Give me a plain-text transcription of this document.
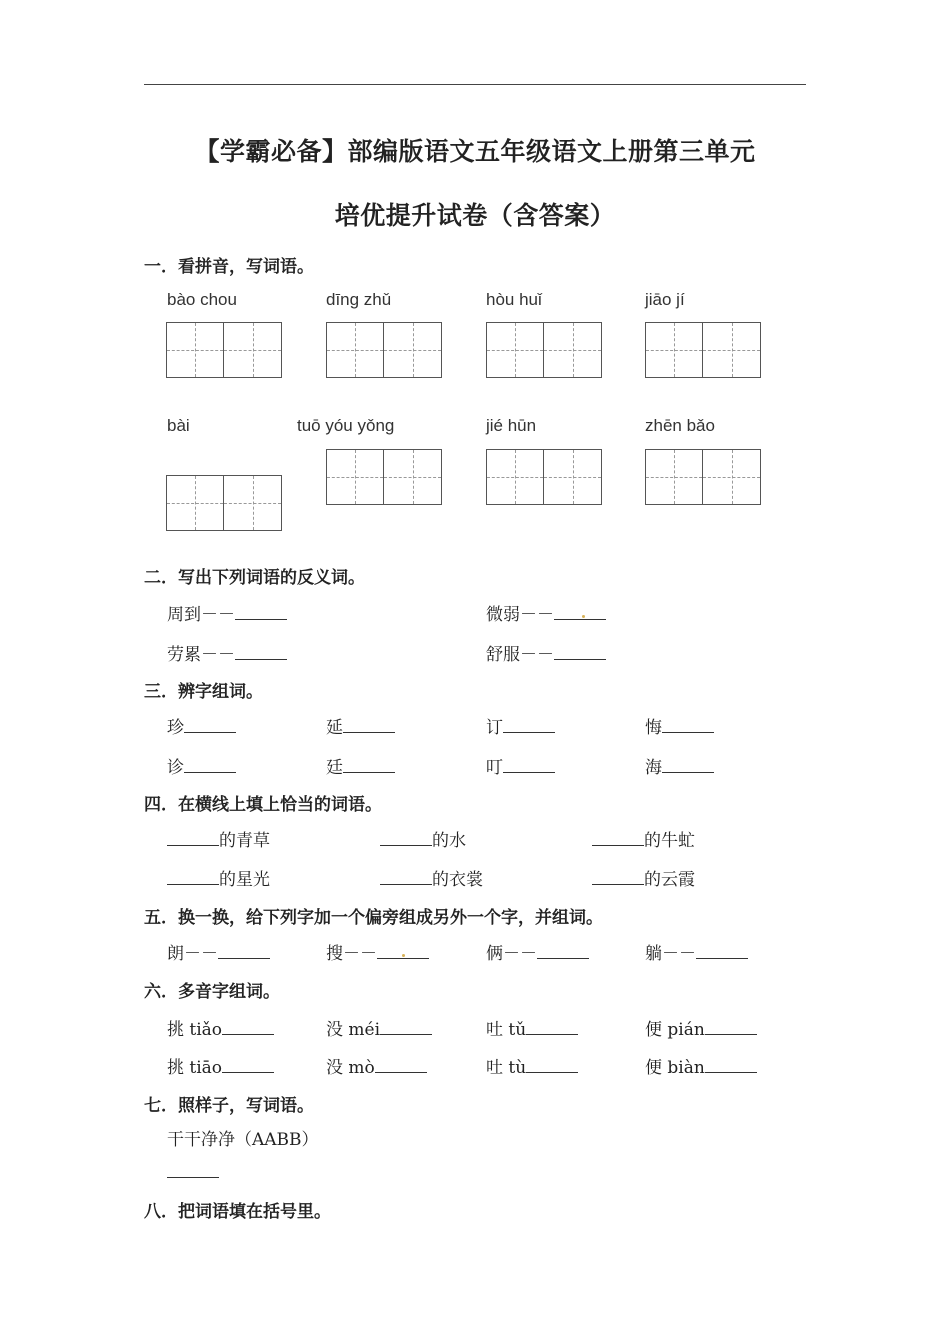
【学霸必备】部编版语文五年级语文上册第三单元
培优提升试卷（含答案）
一．看拼音，写词语。
bào chou	dīng zhǔ	hòu huǐ	jiāo jí
bài	tuō yóu yǒng	jié hūn	zhēn bǎo
二．写出下列词语的反义词。
周到－－	微弱－－
劳累－－	舒服－－
三．辨字组词。
珍	延	订	悔
诊	廷	叮	海
四．在横线上填上恰当的词语。
的青草	的水	的牛虻
的星光	的衣裳	的云霞
五．换一换，给下列字加一个偏旁组成另外一个字，并组词。
朗－－	搜－－	俩－－	躺－－
六．多音字组词。
挑 tiǎo	没 méi	吐 tǔ	便 pián
挑 tiāo	没 mò	吐 tù	便 biàn
七．照样子，写词语。
干干净净（AABB）
八．把词语填在括号里。
